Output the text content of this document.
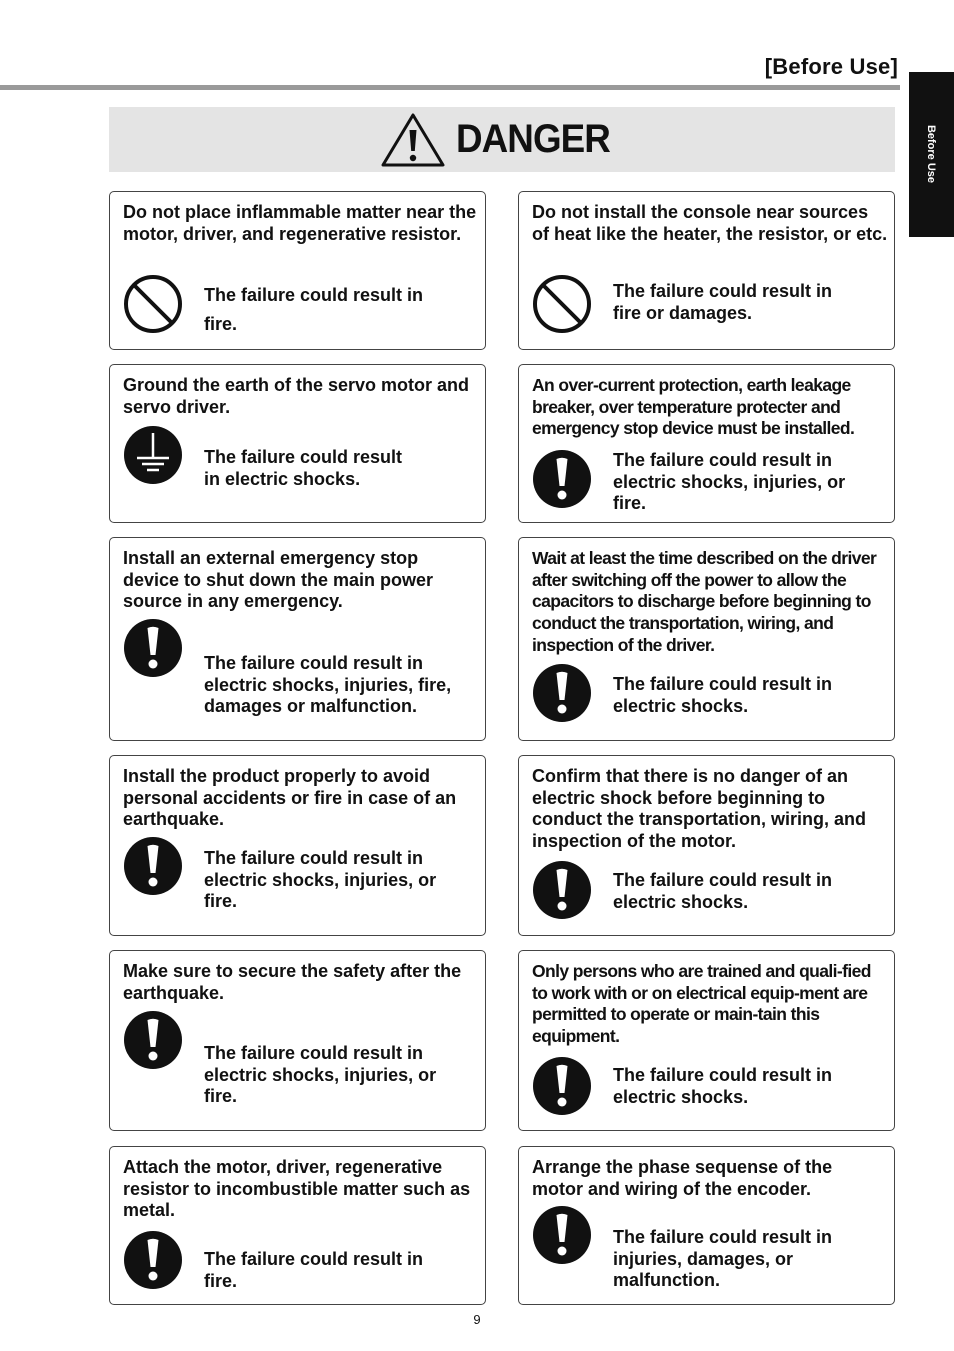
[Before Use]
Before Use
DANGER
Do not place inflammable matter near the motor, driver, and regenerative resistor.
The failure could result in
fire.
Do not install the console near sources of heat like the heater, the resistor, or etc.
The failure could result in
fire or damages.
Ground the earth of the servo motor and servo driver.
The failure could result
in electric shocks.
An over-current protection, earth leakage breaker, over temperature protecter and emergency stop device must be installed.
The failure could result in
electric shocks, injuries, or
fire.
Install an external emergency stop device to shut down the main power source in any emergency.
The failure could result in
electric shocks, injuries, fire,
damages or malfunction.
Wait at least the time described on the driver after switching off the power to allow the capacitors to discharge before beginning to conduct the transportation, wiring, and inspection of the driver.
The failure could result in
electric shocks.
Install the product properly to avoid personal accidents or fire in case of an earthquake.
The failure could result in
electric shocks, injuries, or
fire.
Confirm that there is no danger of an electric shock before beginning to conduct the transportation, wiring, and inspection of the motor.
The failure could result in
electric shocks.
Make sure to secure the safety after the earthquake.
The failure could result in
electric shocks, injuries, or
fire.
Only persons who are trained and quali-fied to work with or on electrical equip-ment are permitted to operate or main-tain this equipment.
The failure could result in
electric shocks.
Attach the motor, driver, regenerative resistor to incombustible matter such as metal.
The failure could result in
fire.
Arrange the phase sequense of the motor and wiring of the encoder.
The failure could result in
injuries, damages, or
malfunction.
9
